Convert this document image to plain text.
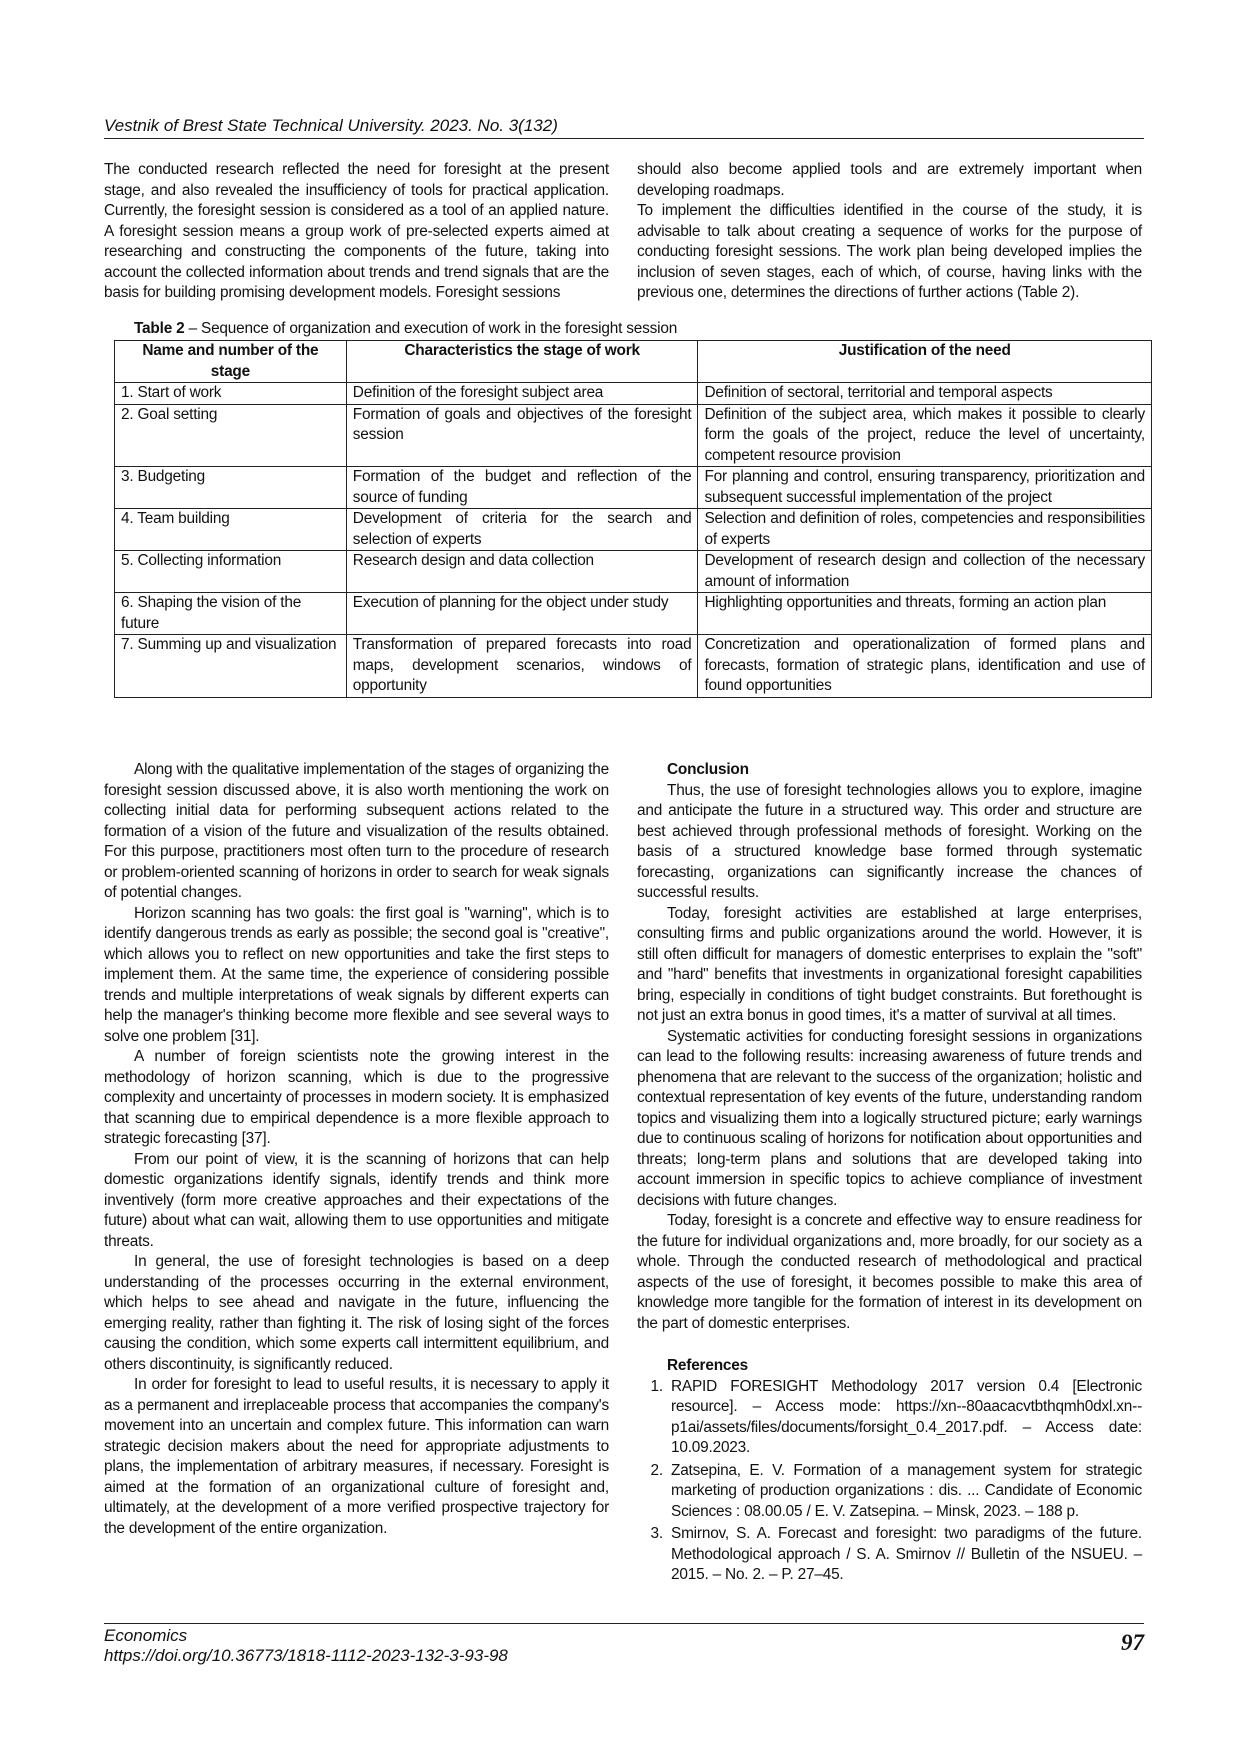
Vestnik of Brest State Technical University. 2023. No. 3(132)

The conducted research reflected the need for foresight at the present stage, and also revealed the insufficiency of tools for practical application. Currently, the foresight session is considered as a tool of an applied nature. A foresight session means a group work of pre-selected experts aimed at researching and constructing the components of the future, taking into account the collected information about trends and trend signals that are the basis for building promising development models. Foresight sessions

should also become applied tools and are extremely important when developing roadmaps.

To implement the difficulties identified in the course of the study, it is advisable to talk about creating a sequence of works for the purpose of conducting foresight sessions. The work plan being developed implies the inclusion of seven stages, each of which, of course, having links with the previous one, determines the directions of further actions (Table 2).

Table 2 – Sequence of organization and execution of work in the foresight session
Name and number of the stage	Characteristics the stage of work	Justification of the need
1. Start of work	Definition of the foresight subject area	Definition of sectoral, territorial and temporal aspects
2. Goal setting	Formation of goals and objectives of the foresight session	Definition of the subject area, which makes it possible to clearly form the goals of the project, reduce the level of uncertainty, competent resource provision
3. Budgeting	Formation of the budget and reflection of the source of funding	For planning and control, ensuring transparency, prioritization and subsequent successful implementation of the project
4. Team building	Development of criteria for the search and selection of experts	Selection and definition of roles, competencies and responsibilities of experts
5. Collecting information	Research design and data collection	Development of research design and collection of the necessary amount of information
6. Shaping the vision of the future	Execution of planning for the object under study	Highlighting opportunities and threats, forming an action plan
7. Summing up and visualization	Transformation of prepared forecasts into road maps, development scenarios, windows of opportunity	Concretization and operationalization of formed plans and forecasts, formation of strategic plans, identification and use of found opportunities

Along with the qualitative implementation of the stages of organizing the foresight session discussed above, it is also worth mentioning the work on collecting initial data for performing subsequent actions related to the formation of a vision of the future and visualization of the results obtained. For this purpose, practitioners most often turn to the procedure of research or problem-oriented scanning of horizons in order to search for weak signals of potential changes.

Horizon scanning has two goals: the first goal is "warning", which is to identify dangerous trends as early as possible; the second goal is "creative", which allows you to reflect on new opportunities and take the first steps to implement them. At the same time, the experience of considering possible trends and multiple interpretations of weak signals by different experts can help the manager's thinking become more flexible and see several ways to solve one problem [31].

A number of foreign scientists note the growing interest in the methodology of horizon scanning, which is due to the progressive complexity and uncertainty of processes in modern society. It is emphasized that scanning due to empirical dependence is a more flexible approach to strategic forecasting [37].

From our point of view, it is the scanning of horizons that can help domestic organizations identify signals, identify trends and think more inventively (form more creative approaches and their expectations of the future) about what can wait, allowing them to use opportunities and mitigate threats.

In general, the use of foresight technologies is based on a deep understanding of the processes occurring in the external environment, which helps to see ahead and navigate in the future, influencing the emerging reality, rather than fighting it. The risk of losing sight of the forces causing the condition, which some experts call intermittent equilibrium, and others discontinuity, is significantly reduced.

In order for foresight to lead to useful results, it is necessary to apply it as a permanent and irreplaceable process that accompanies the company's movement into an uncertain and complex future. This information can warn strategic decision makers about the need for appropriate adjustments to plans, the implementation of arbitrary measures, if necessary. Foresight is aimed at the formation of an organizational culture of foresight and, ultimately, at the development of a more verified prospective trajectory for the development of the entire organization.

Conclusion

Thus, the use of foresight technologies allows you to explore, imagine and anticipate the future in a structured way. This order and structure are best achieved through professional methods of foresight. Working on the basis of a structured knowledge base formed through systematic forecasting, organizations can significantly increase the chances of successful results.

Today, foresight activities are established at large enterprises, consulting firms and public organizations around the world. However, it is still often difficult for managers of domestic enterprises to explain the "soft" and "hard" benefits that investments in organizational foresight capabilities bring, especially in conditions of tight budget constraints. But forethought is not just an extra bonus in good times, it's a matter of survival at all times.

Systematic activities for conducting foresight sessions in organizations can lead to the following results: increasing awareness of future trends and phenomena that are relevant to the success of the organization; holistic and contextual representation of key events of the future, understanding random topics and visualizing them into a logically structured picture; early warnings due to continuous scaling of horizons for notification about opportunities and threats; long-term plans and solutions that are developed taking into account immersion in specific topics to achieve compliance of investment decisions with future changes.

Today, foresight is a concrete and effective way to ensure readiness for the future for individual organizations and, more broadly, for our society as a whole. Through the conducted research of methodological and practical aspects of the use of foresight, it becomes possible to make this area of knowledge more tangible for the formation of interest in its development on the part of domestic enterprises.

References

1. RAPID FORESIGHT Methodology 2017 version 0.4 [Electronic resource]. – Access mode: https://xn--80aacacvtbthqmh0dxl.xn--p1ai/assets/files/documents/forsight_0.4_2017.pdf. – Access date: 10.09.2023.
2. Zatsepina, E. V. Formation of a management system for strategic marketing of production organizations : dis. ... Candidate of Economic Sciences : 08.00.05 / E. V. Zatsepina. – Minsk, 2023. – 188 p.
3. Smirnov, S. A. Forecast and foresight: two paradigms of the future. Methodological approach / S. A. Smirnov // Bulletin of the NSUEU. – 2015. – No. 2. – P. 27–45.
Economics
https://doi.org/10.36773/1818-1112-2023-132-3-93-98
97
